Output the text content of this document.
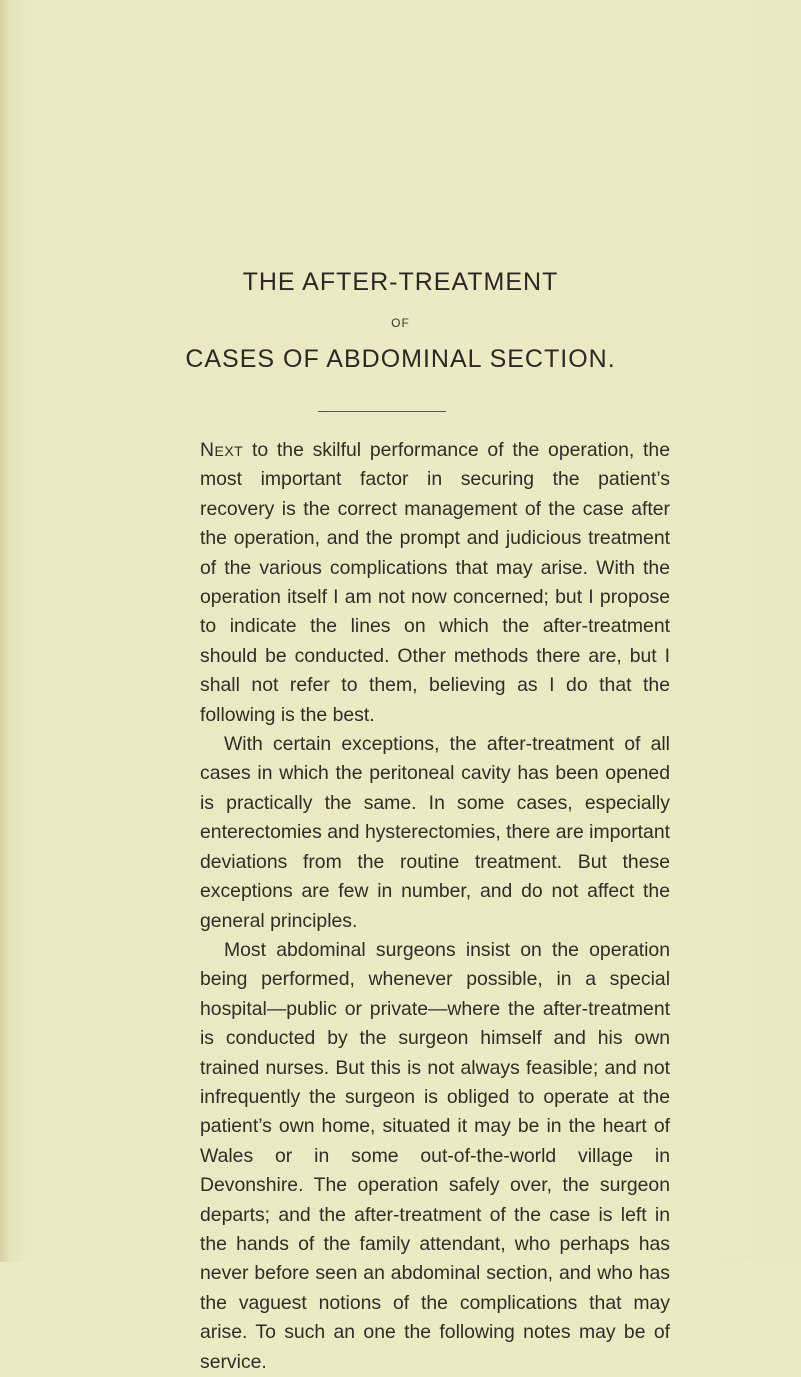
THE AFTER-TREATMENT
OF
CASES OF ABDOMINAL SECTION.

Next to the skilful performance of the operation, the most important factor in securing the patient’s recovery is the correct management of the case after the operation, and the prompt and judicious treatment of the various complications that may arise. With the operation itself I am not now concerned; but I propose to indicate the lines on which the after-treatment should be conducted. Other methods there are, but I shall not refer to them, believing as I do that the following is the best.

With certain exceptions, the after-treatment of all cases in which the peritoneal cavity has been opened is practically the same. In some cases, especially enterectomies and hysterectomies, there are important deviations from the routine treatment. But these exceptions are few in number, and do not affect the general principles.

Most abdominal surgeons insist on the operation being performed, whenever possible, in a special hospital—public or private—where the after-treatment is conducted by the surgeon himself and his own trained nurses. But this is not always feasible; and not infrequently the surgeon is obliged to operate at the patient’s own home, situated it may be in the heart of Wales or in some out-of-the-world village in Devonshire. The operation safely over, the surgeon departs; and the after-treatment of the case is left in the hands of the family attendant, who perhaps has never before seen an abdominal section, and who has the vaguest notions of the complications that may arise. To such an one the following notes may be of service.
